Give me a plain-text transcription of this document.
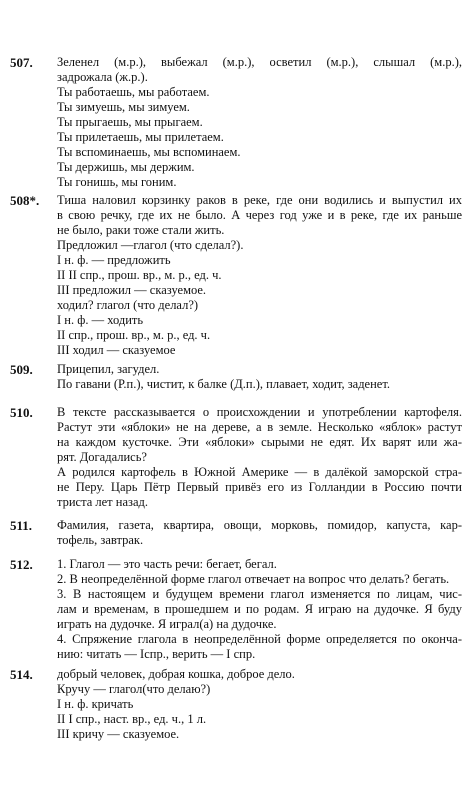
507.	Зеленел (м.р.), выбежал (м.р.), осветил (м.р.), слышал (м.р.),
задрожала (ж.р.).
Ты работаешь, мы работаем.
Ты зимуешь, мы зимуем.
Ты прыгаешь, мы прыгаем.
Ты прилетаешь, мы прилетаем.
Ты вспоминаешь, мы вспоминаем.
Ты держишь, мы держим.
Ты гонишь, мы гоним.
508*.	Тиша наловил корзинку раков в реке, где они водились и выпустил их
в свою речку, где их не было. А через год уже и в реке, где их раньше
не было, раки тоже стали жить.
Предложил —глагол (что сделал?).
I н. ф. — предложить
II II спр., прош. вр., м. р., ед. ч.
III предложил — сказуемое.
ходил? глагол (что делал?)
I н. ф. — ходить
II спр., прош. вр., м. р., ед. ч.
III ходил — сказуемое
509.	Прицепил, загудел.
По гавани (Р.п.), чистит, к балке (Д.п.), плавает, ходит, заденет.
510.	В тексте рассказывается о происхождении и употреблении картофеля.
Растут эти «яблоки» не на дереве, а в земле. Несколько «яблок» растут
на каждом кусточке. Эти «яблоки» сырыми не едят. Их варят или жа-
рят. Догадались?
А родился картофель в Южной Америке — в далёкой заморской стра-
не Перу. Царь Пётр Первый привёз его из Голландии в Россию почти
триста лет назад.
511.	Фамилия, газета, квартира, овощи, морковь, помидор, капуста, кар-
тофель, завтрак.
512.	1. Глагол — это часть речи: бегает, бегал.
2. В неопределённой форме глагол отвечает на вопрос что делать? бегать.
3. В настоящем и будущем времени глагол изменяется по лицам, чис-
лам и временам, в прошедшем и по родам. Я играю на дудочке. Я буду
играть на дудочке. Я играл(а) на дудочке.
4. Спряжение глагола в неопределённой форме определяется по оконча-
нию: читать — Iспр., верить — I спр.
514.	добрый человек, добрая кошка, доброе дело.
Кручу — глагол(что делаю?)
I н. ф. кричать
II I спр., наст. вр., ед. ч., 1 л.
III кричу — сказуемое.
